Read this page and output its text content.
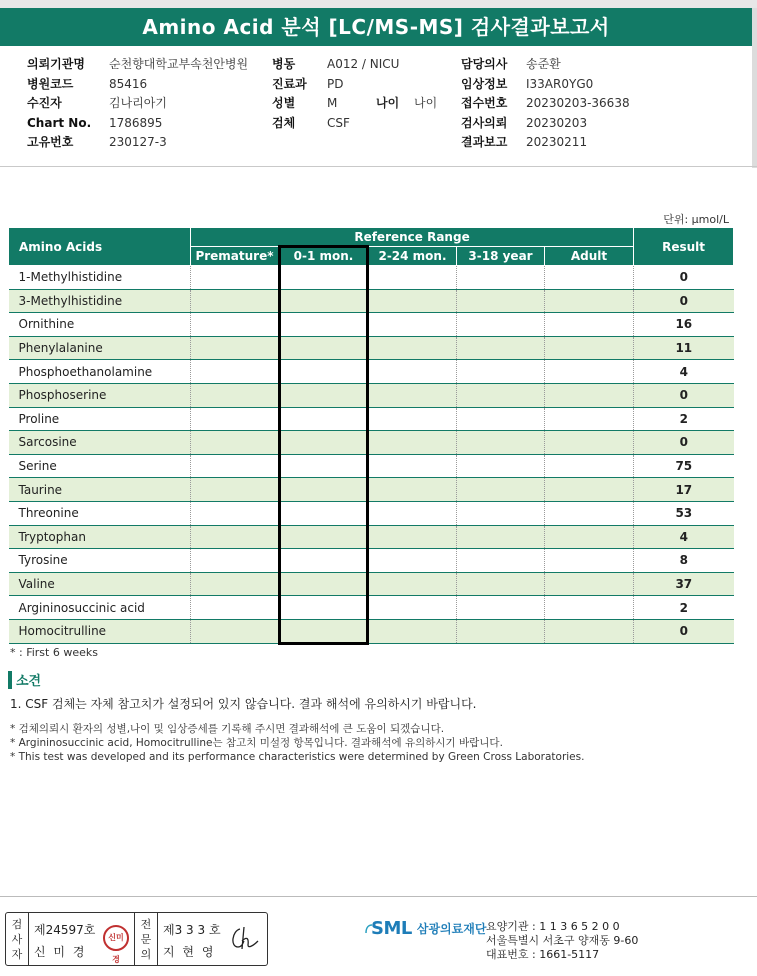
Amino Acid 분석 [LC/MS-MS] 검사결과보고서
의뢰기관명	순천향대학교부속천안병원
병원코드	85416
수진자	김나리아기
Chart No.	1786895
고유번호	230127-3
병동	A012 / NICU
진료과	PD
성별	M	나이	나이
검체	CSF
담당의사	송준환
임상정보	I33AR0YG0
접수번호	20230203-36638
검사의뢰	20230203
결과보고	20230211
단위: μmol/L
Amino Acids	Reference Range					Result
	Premature*	0-1 mon.	2-24 mon.	3-18 year	Adult	
1-Methylhistidine						0
3-Methylhistidine						0
Ornithine						16
Phenylalanine						11
Phosphoethanolamine						4
Phosphoserine						0
Proline						2
Sarcosine						0
Serine						75
Taurine						17
Threonine						53
Tryptophan						4
Tyrosine						8
Valine						37
Argininosuccinic acid						2
Homocitrulline						0
* : First 6 weeks
소견
1. CSF 검체는 자체 참고치가 설정되어 있지 않습니다. 결과 해석에 유의하시기 바랍니다.
* 검체의뢰시 환자의 성별,나이 및 임상증세를 기록해 주시면 결과해석에 큰 도움이 되겠습니다.
* Argininosuccinic acid, Homocitrulline는 참고치 미설정 항목입니다. 결과해석에 유의하시기 바랍니다.
* This test was developed and its performance characteristics were determined by Green Cross Laboratories.
검
사
자
제24597호
신 미 경
신미경
전
문
의
제3 3 3 호
지 현 영
SML 삼광의료재단 요양기관 : 1 1 3 6 5 2 0 0
서울특별시 서초구 양재동 9-60
대표번호 : 1661-5117
